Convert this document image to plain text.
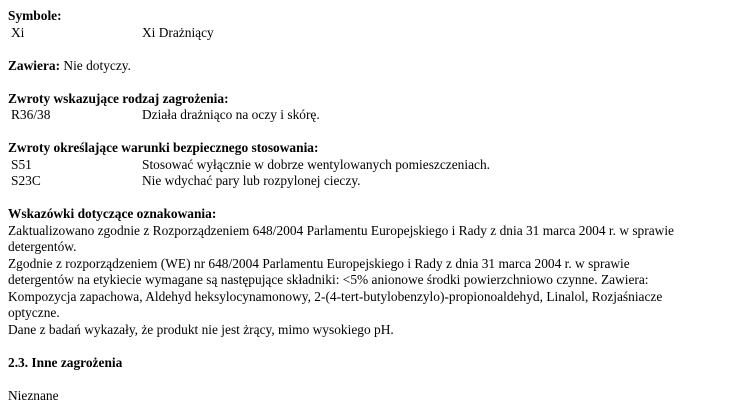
Symbole:
Xi	Xi Drażniący
Zawiera: Nie dotyczy.
Zwroty wskazujące rodzaj zagrożenia:
R36/38	Działa drażniąco na oczy i skórę.
Zwroty określające warunki bezpiecznego stosowania:
S51	Stosować wyłącznie w dobrze wentylowanych pomieszczeniach.
S23C	Nie wdychać pary lub rozpylonej cieczy.
Wskazówki dotyczące oznakowania:
Zaktualizowano zgodnie z Rozporządzeniem 648/2004 Parlamentu Europejskiego i Rady z dnia 31 marca 2004 r. w sprawie
detergentów.
Zgodnie z rozporządzeniem (WE) nr 648/2004 Parlamentu Europejskiego i Rady z dnia 31 marca 2004 r. w sprawie
detergentów na etykiecie wymagane są następujące składniki: <5% anionowe środki powierzchniowo czynne. Zawiera:
Kompozycja zapachowa, Aldehyd heksylocynamonowy, 2-(4-tert-butylobenzylo)-propionoaldehyd, Linalol, Rozjaśniacze
optyczne.
Dane z badań wykazały, że produkt nie jest żrący, mimo wysokiego pH.
2.3. Inne zagrożenia
Nieznane
